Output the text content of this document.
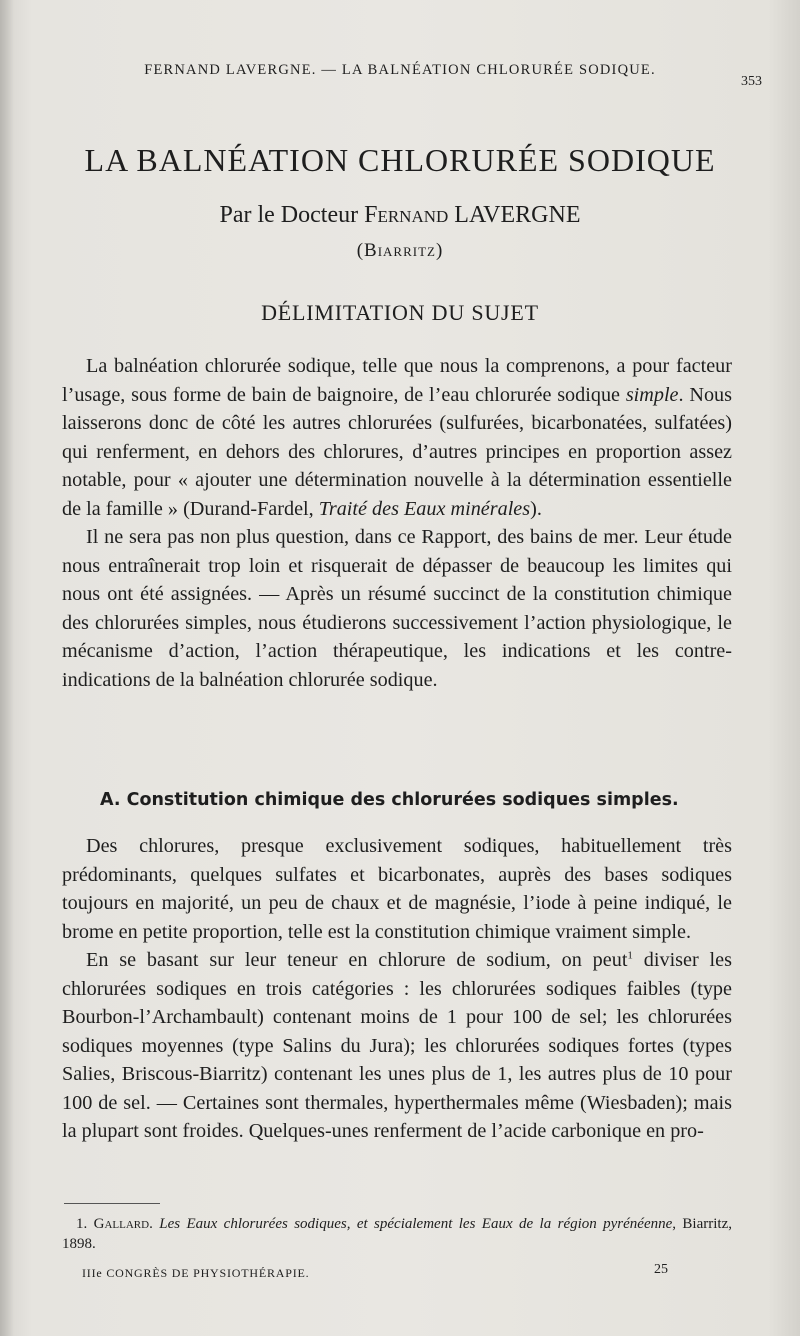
FERNAND LAVERGNE. — LA BALNÉATION CHLORURÉE SODIQUE.
353
LA BALNÉATION CHLORURÉE SODIQUE
Par le Docteur Fernand LAVERGNE
(Biarritz)
DÉLIMITATION DU SUJET

La balnéation chlorurée sodique, telle que nous la comprenons, a pour facteur l’usage, sous forme de bain de baignoire, de l’eau chlorurée sodique simple. Nous laisserons donc de côté les autres chlorurées (sulfurées, bicarbonatées, sulfatées) qui renferment, en dehors des chlorures, d’autres principes en proportion assez notable, pour « ajouter une détermination nouvelle à la détermination essentielle de la famille » (Durand-Fardel, Traité des Eaux minérales).

Il ne sera pas non plus question, dans ce Rapport, des bains de mer. Leur étude nous entraînerait trop loin et risquerait de dépasser de beaucoup les limites qui nous ont été assignées. — Après un résumé succinct de la constitution chimique des chlorurées simples, nous étudierons successivement l’action physiologique, le mécanisme d’action, l’action thérapeutique, les indications et les contre-indications de la balnéation chlorurée sodique.

A. Constitution chimique des chlorurées sodiques simples.

Des chlorures, presque exclusivement sodiques, habituellement très prédominants, quelques sulfates et bicarbonates, auprès des bases sodiques toujours en majorité, un peu de chaux et de magnésie, l’iode à peine indiqué, le brome en petite proportion, telle est la constitution chimique vraiment simple.

En se basant sur leur teneur en chlorure de sodium, on peut$^1$ diviser les chlorurées sodiques en trois catégories : les chlorurées sodiques faibles (type Bourbon-l’Archambault) contenant moins de 1 pour 100 de sel; les chlorurées sodiques moyennes (type Salins du Jura); les chlorurées sodiques fortes (types Salies, Briscous-Biarritz) contenant les unes plus de 1, les autres plus de 10 pour 100 de sel. — Certaines sont thermales, hyperthermales même (Wiesbaden); mais la plupart sont froides. Quelques-unes renferment de l’acide carbonique en pro-

1. Gallard. Les Eaux chlorurées sodiques, et spécialement les Eaux de la région pyrénéenne, Biarritz, 1898.
IIIe CONGRÈS DE PHYSIOTHÉRAPIE.	25
